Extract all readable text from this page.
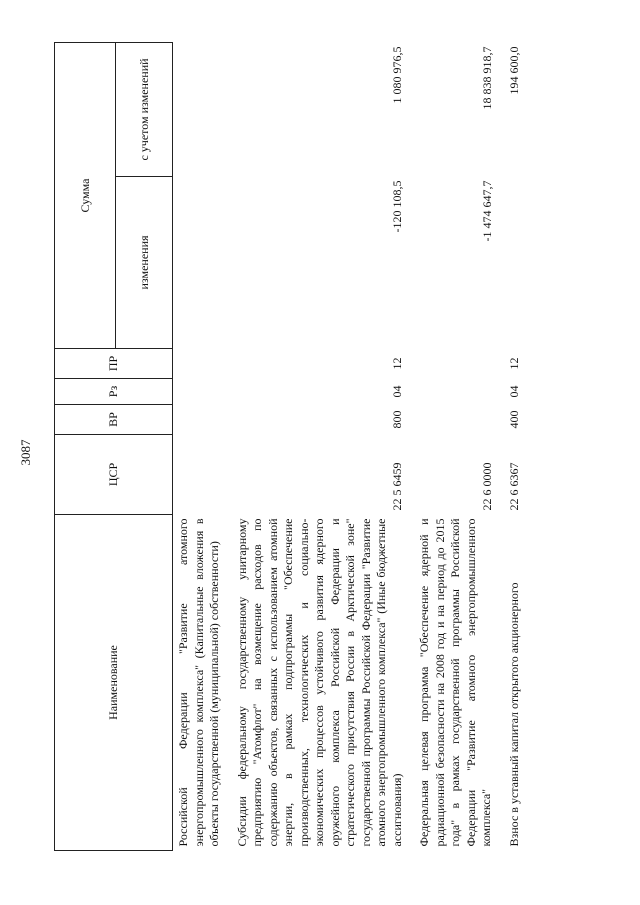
3087
Наименование	ЦСР	ВР	Рз	ПР	Сумма	
					изменения	с учетом изменений
Российской Федерации "Развитие атомного энергопромышленного комплекса" (Капитальные вложения в объекты государственной (муниципальной) собственности)						
Субсидии федеральному государственному унитарному предприятию "Атомфлот" на возмещение расходов по содержанию объектов, связанных с использованием атомной энергии, в рамках подпрограммы "Обеспечение производственных, технологических и социально-экономических процессов устойчивого развития ядерного оружейного комплекса Российской Федерации и стратегического присутствия России в Арктической зоне" государственной программы Российской Федерации "Развитие атомного энергопромышленного комплекса" (Иные бюджетные ассигнования)	22 5 6459	800	04	12	-120 108,5	1 080 976,5
Федеральная целевая программа "Обеспечение ядерной и радиационной безопасности на 2008 год и на период до 2015 года" в рамках государственной программы Российской Федерации "Развитие атомного энергопромышленного комплекса"	22 6 0000				-1 474 647,7	18 838 918,7
Взнос в уставный капитал открытого акционерного	22 6 6367	400	04	12		194 600,0
